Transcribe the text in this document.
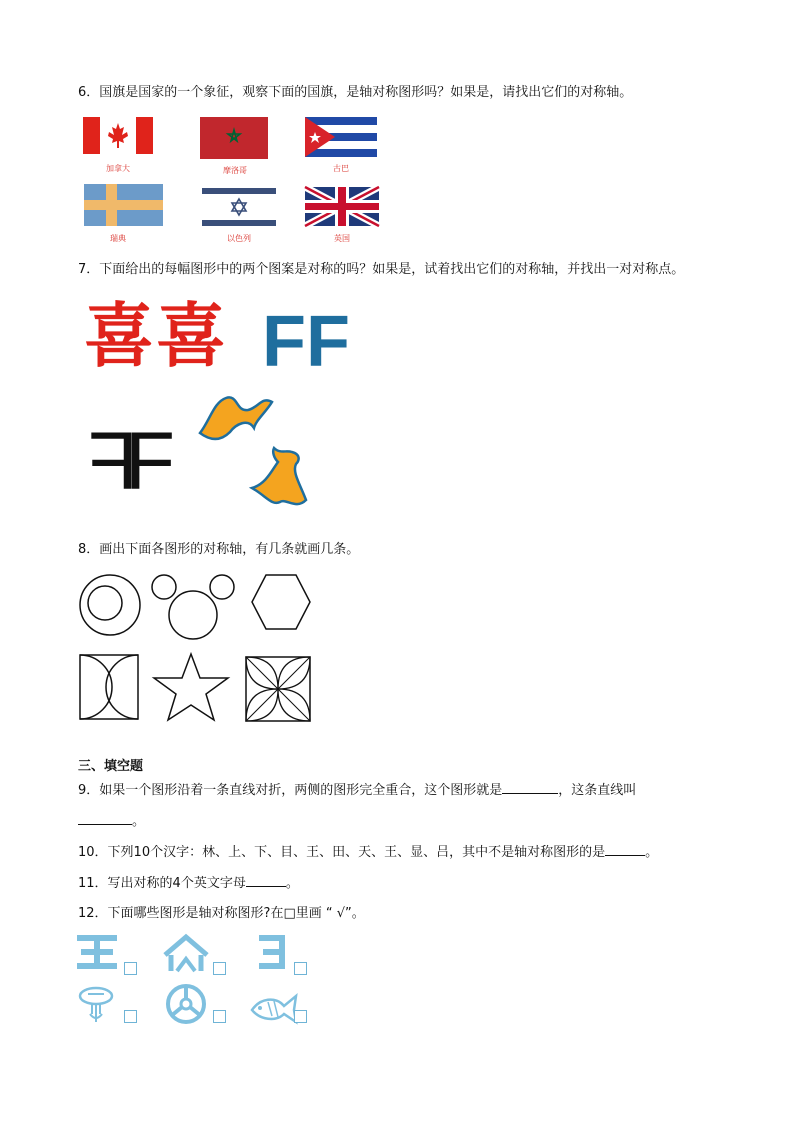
6．国旗是国家的一个象征，观察下面的国旗，是轴对称图形吗？如果是，请找出它们的对称轴。
加拿大	摩洛哥	古巴
瑞典	以色列	英国
7．下面给出的每幅图形中的两个图案是对称的吗？如果是，试着找出它们的对称轴，并找出一对对称点。
喜喜 FF
F
F
8．画出下面各图形的对称轴，有几条就画几条。
三、填空题
9．如果一个图形沿着一条直线对折，两侧的图形完全重合，这个图形就是	，这条直线叫
。
10．下列10个汉字：林、上、下、目、王、田、天、王、显、吕，其中不是轴对称图形的是	。
11．写出对称的4个英文字母	。
12．下面哪些图形是轴对称图形?在□里画 “ √”。
